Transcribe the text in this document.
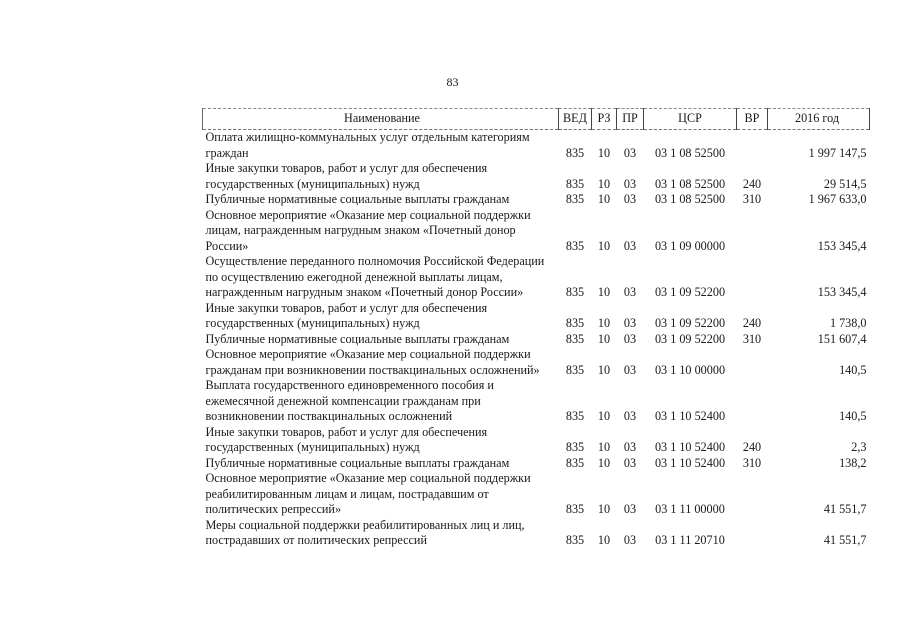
83
Наименование	ВЕД	РЗ	ПР	ЦСР	ВР	2016 год
Оплата жилищно-коммунальных услуг отдельным категориям граждан	835	10	03	03 1 08 52500		1 997 147,5
Иные закупки товаров, работ и услуг для обеспечения государственных (муниципальных) нужд	835	10	03	03 1 08 52500	240	29 514,5
Публичные нормативные социальные выплаты гражданам	835	10	03	03 1 08 52500	310	1 967 633,0
Основное мероприятие «Оказание мер социальной поддержки лицам, награжденным нагрудным знаком «Почетный донор России»	835	10	03	03 1 09 00000		153 345,4
Осуществление переданного полномочия Российской Федерации по осуществлению ежегодной денежной выплаты лицам, награжденным нагрудным знаком «Почетный донор России»	835	10	03	03 1 09 52200		153 345,4
Иные закупки товаров, работ и услуг для обеспечения государственных (муниципальных) нужд	835	10	03	03 1 09 52200	240	1 738,0
Публичные нормативные социальные выплаты гражданам	835	10	03	03 1 09 52200	310	151 607,4
Основное мероприятие «Оказание мер социальной поддержки гражданам при возникновении поствакцинальных осложнений»	835	10	03	03 1 10 00000		140,5
Выплата государственного единовременного пособия и ежемесячной денежной компенсации гражданам при возникновении поствакцинальных осложнений	835	10	03	03 1 10 52400		140,5
Иные закупки товаров, работ и услуг для обеспечения государственных (муниципальных) нужд	835	10	03	03 1 10 52400	240	2,3
Публичные нормативные социальные выплаты гражданам	835	10	03	03 1 10 52400	310	138,2
Основное мероприятие «Оказание мер социальной поддержки реабилитированным лицам и лицам, пострадавшим от политических репрессий»	835	10	03	03 1 11 00000		41 551,7
Меры социальной поддержки реабилитированных лиц и лиц, пострадавших от политических репрессий	835	10	03	03 1 11 20710		41 551,7
